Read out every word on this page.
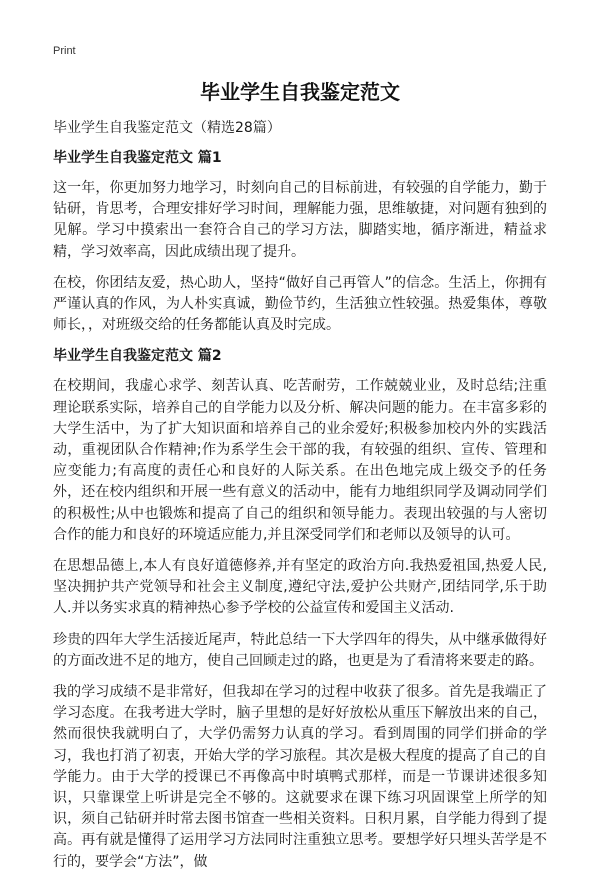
Print
毕业学生自我鉴定范文

毕业学生自我鉴定范文（精选28篇）

毕业学生自我鉴定范文 篇1

这一年，你更加努力地学习，时刻向自己的目标前进，有较强的自学能力，勤于钻研，肯思考，合理安排好学习时间，理解能力强，思维敏捷，对问题有独到的见解。学习中摸索出一套符合自己的学习方法，脚踏实地，循序渐进，精益求精，学习效率高，因此成绩出现了提升。

在校，你团结友爱，热心助人，坚持“做好自己再管人”的信念。生活上，你拥有严谨认真的作风，为人朴实真诚，勤俭节约，生活独立性较强。热爱集体，尊敬师长，，对班级交给的任务都能认真及时完成。

毕业学生自我鉴定范文 篇2

在校期间，我虚心求学、刻苦认真、吃苦耐劳，工作兢兢业业，及时总结;注重理论联系实际，培养自己的自学能力以及分析、解决问题的能力。在丰富多彩的大学生活中，为了扩大知识面和培养自己的业余爱好;积极参加校内外的实践活动，重视团队合作精神;作为系学生会干部的我，有较强的组织、宣传、管理和应变能力;有高度的责任心和良好的人际关系。在出色地完成上级交予的任务外，还在校内组织和开展一些有意义的活动中，能有力地组织同学及调动同学们的积极性;从中也锻炼和提高了自己的组织和领导能力。表现出较强的与人密切合作的能力和良好的环境适应能力,并且深受同学们和老师以及领导的认可。

在思想品德上,本人有良好道德修养,并有坚定的政治方向.我热爱祖国,热爱人民,坚决拥护共产党领导和社会主义制度,遵纪守法,爱护公共财产,团结同学,乐于助人.并以务实求真的精神热心参予学校的公益宣传和爱国主义活动.

珍贵的四年大学生活接近尾声，特此总结一下大学四年的得失，从中继承做得好的方面改进不足的地方，使自己回顾走过的路，也更是为了看清将来要走的路。

我的学习成绩不是非常好，但我却在学习的过程中收获了很多。首先是我端正了学习态度。在我考进大学时，脑子里想的是好好放松从重压下解放出来的自己，然而很快我就明白了，大学仍需努力认真的学习。看到周围的同学们拼命的学习，我也打消了初衷，开始大学的学习旅程。其次是极大程度的提高了自己的自学能力。由于大学的授课已不再像高中时填鸭式那样，而是一节课讲述很多知识，只靠课堂上听讲是完全不够的。这就要求在课下练习巩固课堂上所学的知识，须自己钻研并时常去图书馆查一些相关资料。日积月累，自学能力得到了提高。再有就是懂得了运用学习方法同时注重独立思考。要想学好只埋头苦学是不行的，要学会“方法”，做
